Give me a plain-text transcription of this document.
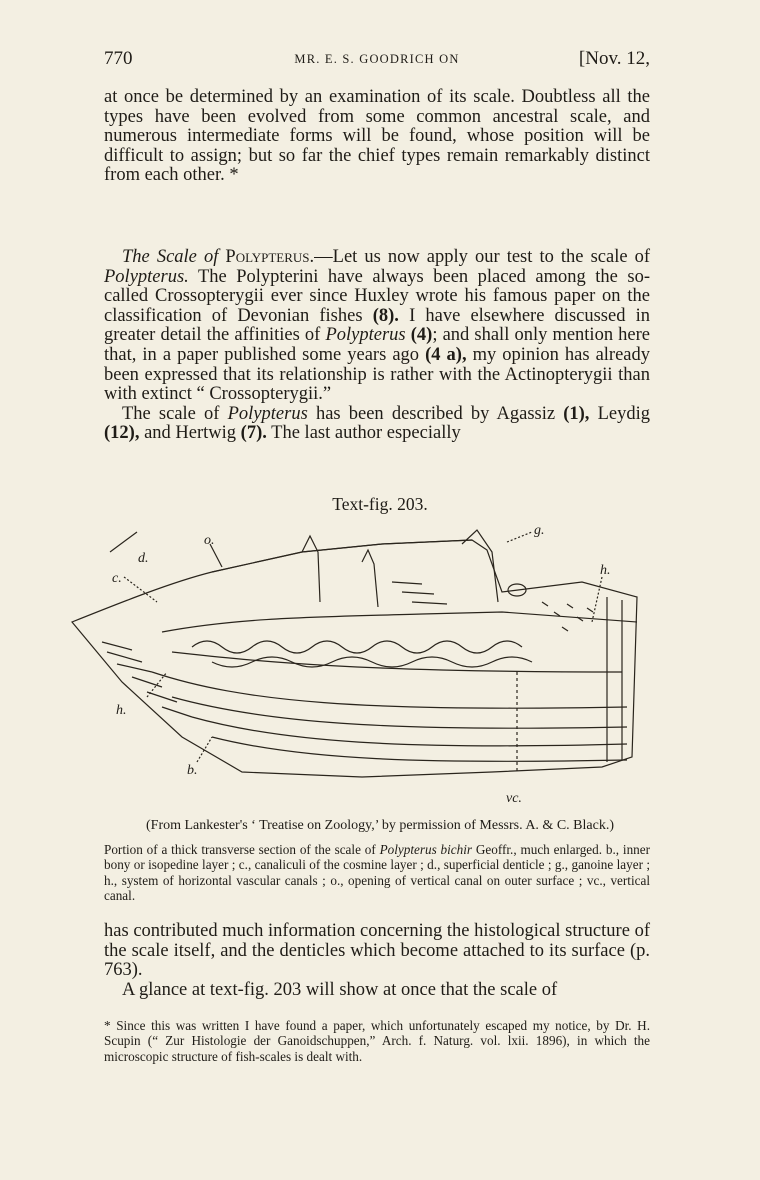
770	MR. E. S. GOODRICH ON	[Nov. 12,

at once be determined by an examination of its scale. Doubtless all the types have been evolved from some common ancestral scale, and numerous intermediate forms will be found, whose position will be difficult to assign; but so far the chief types remain remarkably distinct from each other. *

The Scale of Polypterus.—Let us now apply our test to the scale of Polypterus. The Polypterini have always been placed among the so-called Crossopterygii ever since Huxley wrote his famous paper on the classification of Devonian fishes (8). I have elsewhere discussed in greater detail the affinities of Polypterus (4); and shall only mention here that, in a paper published some years ago (4 a), my opinion has already been expressed that its relationship is rather with the Actinopterygii than with extinct “ Crossopterygii.”

The scale of Polypterus has been described by Agassiz (1), Leydig (12), and Hertwig (7). The last author especially

Text-fig. 203.
d.
o.
g.
c.
h.
h.
b.
vc.
(From Lankester's ‘ Treatise on Zoology,’ by permission of Messrs. A. & C. Black.)
Portion of a thick transverse section of the scale of Polypterus bichir Geoffr., much enlarged. b., inner bony or isopedine layer ; c., canaliculi of the cosmine layer ; d., superficial denticle ; g., ganoine layer ; h., system of horizontal vascular canals ; o., opening of vertical canal on outer surface ; vc., vertical canal.

has contributed much information concerning the histological structure of the scale itself, and the denticles which become attached to its surface (p. 763).

A glance at text-fig. 203 will show at once that the scale of

* Since this was written I have found a paper, which unfortunately escaped my notice, by Dr. H. Scupin (“ Zur Histologie der Ganoidschuppen,” Arch. f. Naturg. vol. lxii. 1896), in which the microscopic structure of fish-scales is dealt with.
